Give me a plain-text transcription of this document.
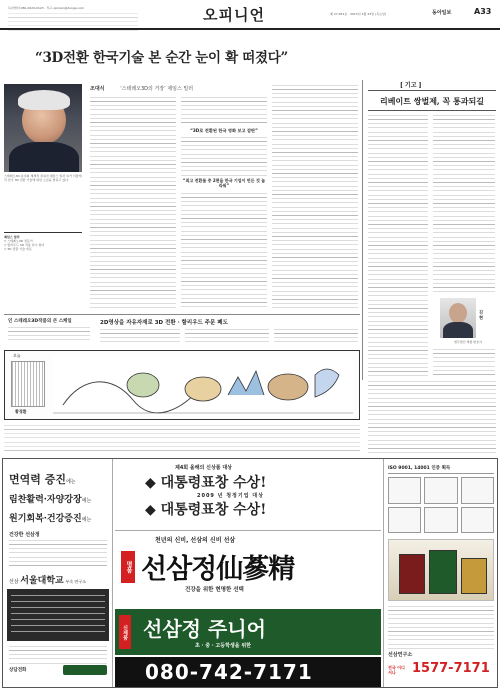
독자센터 080-2020-0123 · 투고 opinion@donga.com	오피니언	제 27,051호 · 2015년 4월 23일 (목요일)	동아일보	A33
“3D전환 한국기술 본 순간 눈이 확 떠졌다”
스테레오3D 분야의 세계적 권위자 제임스 밀러 씨가 서울에서 한국 3D 전환 기술에 대한 소감을 밝히고 있다.
제임스 밀러
▽ 스테레오3D 전문가
▽ 할리우드 3D 작품 다수 참여
▽ 3D 전환 기술 자문
조대식	‘스테레오3D의 거장’ 제임스 밀러
“3D로 전환된 한국 영화 보고 감탄”
“최고 전환물 중 2편을 한국 기업이 만든 것 놀라워”
[ 기고 ]
리베이트 쌍벌제, 꼭 통과되길
김 현
법무법인 세종 변호사
인 스테레오3D작품의 큰 스케일	2D영상을 자유자재로 3D 전환 · 할리우드 주문 폐도
오늘
황경환
면역력 증진에는
림찬활력·자양강장에는
원기회복·건강증진에는
건강한 선삼정
선삼 서울대학교 부속 연구소
상담전화
제4회 올해의 신상품 대상
◆ 대통령표창 수상!
2009 년 청정기업 대상
◆ 대통령표창 수상!
천년의 신비, 선삼의 신비 선삼
명품 선삼정仙蔘精
건강을 위한 현명한 선택
신제품 선삼정 주니어
초 · 중 · 고등학생을 위한
080-742-7171
ISO 9001, 14001 인증 획득
선삼연구소
전국 어디서나	1577-7171
